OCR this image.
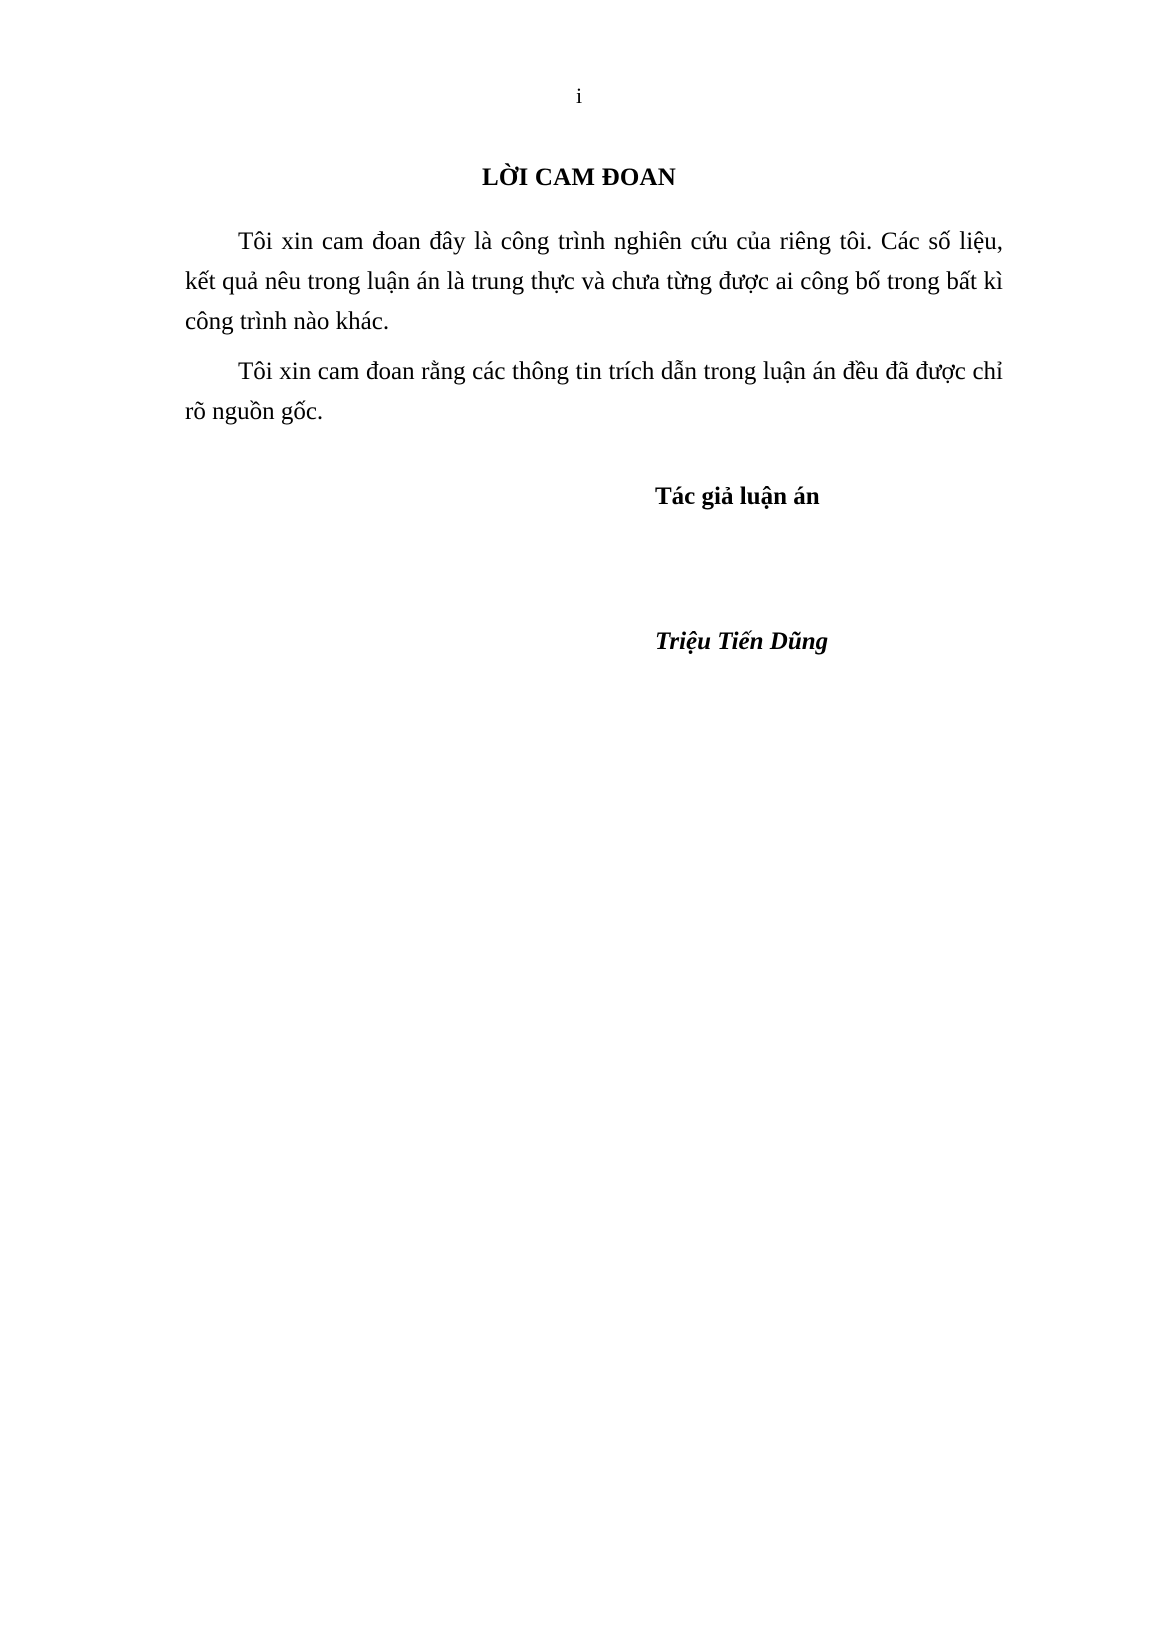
i
LỜI CAM ĐOAN

Tôi xin cam đoan đây là công trình nghiên cứu của riêng tôi. Các số liệu, kết quả nêu trong luận án là trung thực và chưa từng được ai công bố trong bất kì công trình nào khác.

Tôi xin cam đoan rằng các thông tin trích dẫn trong luận án đều đã được chỉ rõ nguồn gốc.

Tác giả luận án
Triệu Tiến Dũng
